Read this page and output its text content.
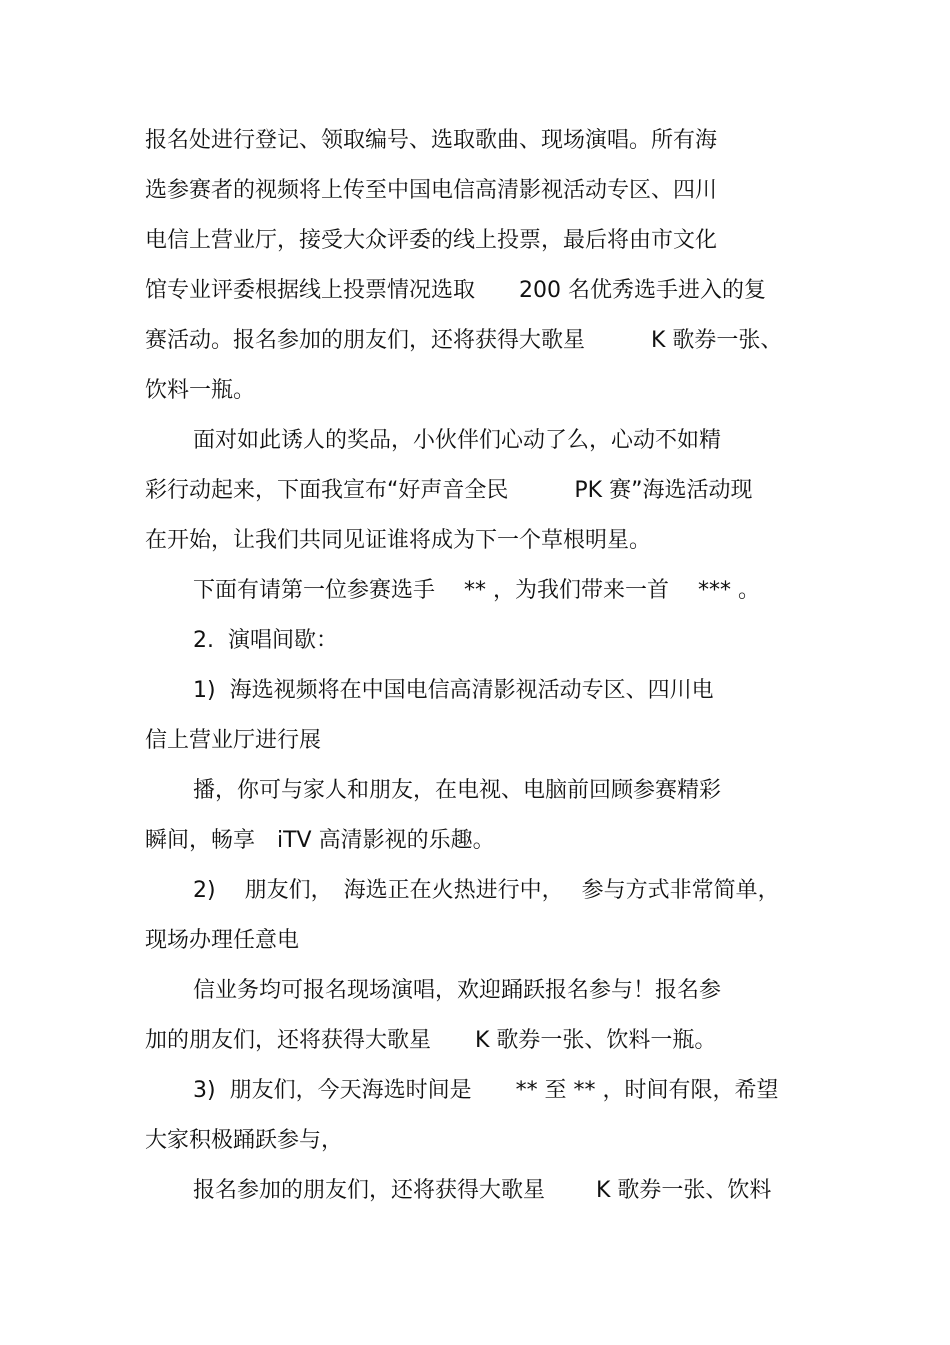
报名处进行登记、领取编号、选取歌曲、现场演唱。所有海
选参赛者的视频将上传至中国电信高清影视活动专区、四川
电信上营业厅，接受大众评委的线上投票，最后将由市文化
馆专业评委根据线上投票情况选取　　200 名优秀选手进入的复
赛活动。报名参加的朋友们，还将获得大歌星　　　K 歌券一张、
饮料一瓶。
面对如此诱人的奖品，小伙伴们心动了么，心动不如精
彩行动起来，下面我宣布“好声音全民　　　PK 赛”海选活动现
在开始，让我们共同见证谁将成为下一个草根明星。
下面有请第一位参赛选手　 ** ，为我们带来一首　 *** 。
2.  演唱间歇：
1)  海选视频将在中国电信高清影视活动专区、四川电
信上营业厅进行展
播，你可与家人和朋友，在电视、电脑前回顾参赛精彩
瞬间，畅享　iTV 高清影视的乐趣。
2)　 朋友们，　海选正在火热进行中，　 参与方式非常简单，
现场办理任意电
信业务均可报名现场演唱，欢迎踊跃报名参与！报名参
加的朋友们，还将获得大歌星　　K 歌券一张、饮料一瓶。
3)  朋友们，今天海选时间是　　** 至 ** ，时间有限，希望
大家积极踊跃参与，
报名参加的朋友们，还将获得大歌星　　 K 歌券一张、饮料
